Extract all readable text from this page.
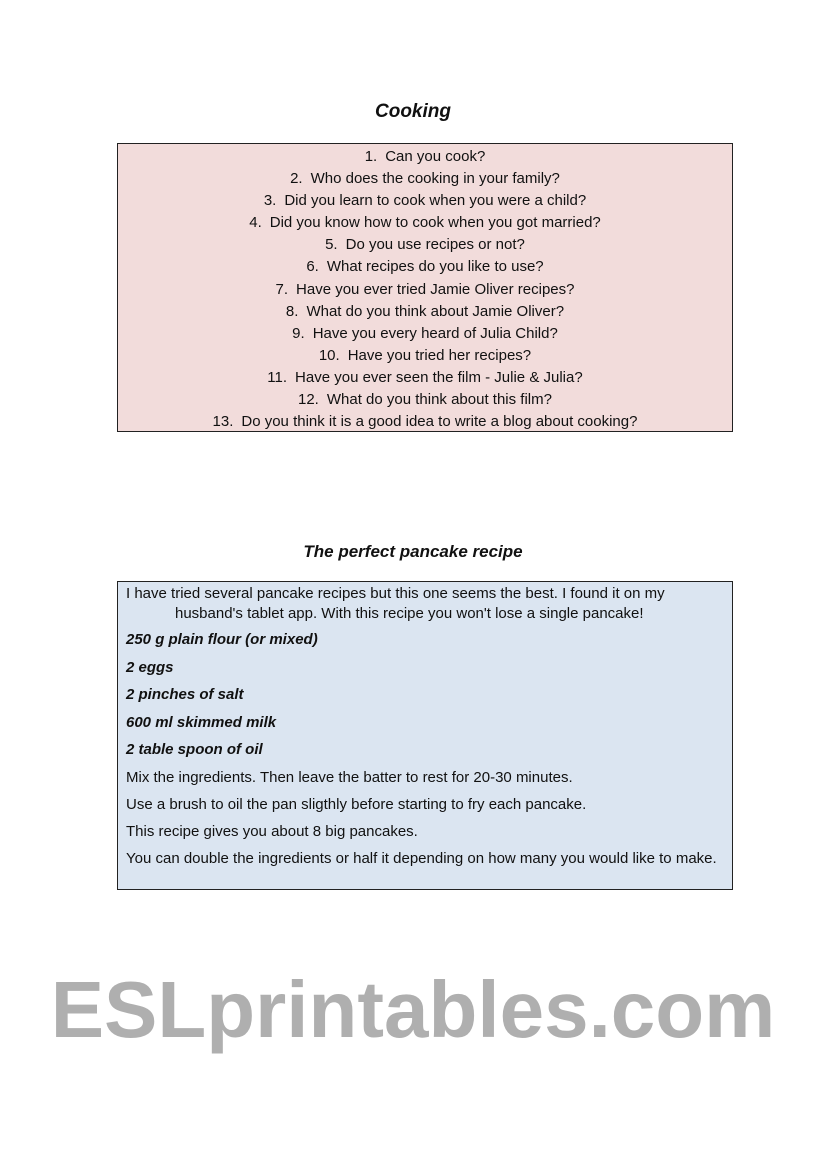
Cooking
1. Can you cook?
2. Who does the cooking in your family?
3. Did you learn to cook when you were a child?
4. Did you know how to cook when you got married?
5. Do you use recipes or not?
6. What recipes do you like to use?
7. Have you ever tried Jamie Oliver recipes?
8. What do you think about Jamie Oliver?
9. Have you every heard of Julia Child?
10. Have you tried her recipes?
11. Have you ever seen the film - Julie & Julia?
12. What do you think about this film?
13. Do you think it is a good idea to write a blog about cooking?
The perfect pancake recipe
I have tried several pancake recipes but this one seems the best. I found it on my husband's tablet app. With this recipe you won't lose a single pancake!
250 g plain flour (or mixed)
2 eggs
2 pinches of salt
600 ml skimmed milk
2 table spoon of oil
Mix the ingredients. Then leave the batter to rest for 20-30 minutes.
Use a brush to oil the pan sligthly before starting to fry each pancake.
This recipe gives you about 8 big pancakes.
You can double the ingredients or half it depending on how many you would like to make.
ESLprintables.com
